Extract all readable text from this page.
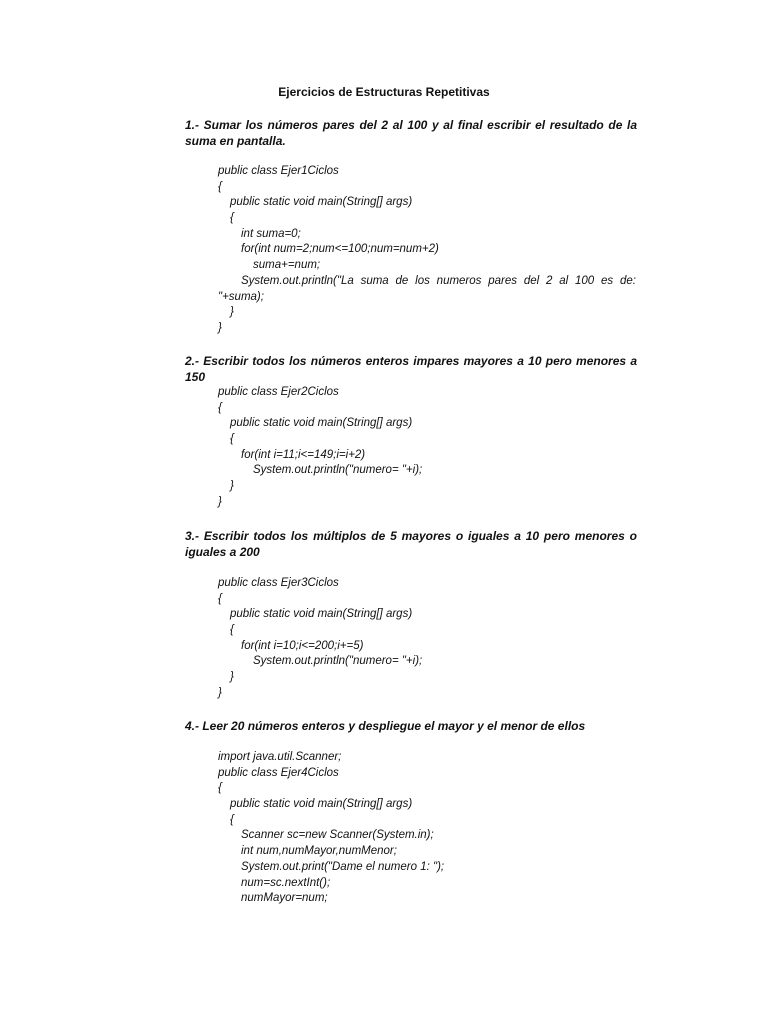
Ejercicios de Estructuras Repetitivas
1.- Sumar los números pares del 2 al 100 y al final escribir el resultado de la suma en pantalla.
public class Ejer1Ciclos
{
public static void main(String[] args)
{
int suma=0;
for(int num=2;num<=100;num=num+2)
suma+=num;
System.out.println("La suma de los numeros pares del 2 al 100 es de:
"+suma);
}
}
2.- Escribir todos los números enteros impares mayores a 10 pero menores a 150
public class Ejer2Ciclos
{
public static void main(String[] args)
{
for(int i=11;i<=149;i=i+2)
System.out.println("numero= "+i);
}
}
3.- Escribir todos los múltiplos de 5 mayores o iguales a 10 pero menores o iguales a 200
public class Ejer3Ciclos
{
public static void main(String[] args)
{
for(int i=10;i<=200;i+=5)
System.out.println("numero= "+i);
}
}
4.- Leer 20 números enteros y despliegue el mayor y el menor de ellos
import java.util.Scanner;
public class Ejer4Ciclos
{
public static void main(String[] args)
{
Scanner sc=new Scanner(System.in);
int num,numMayor,numMenor;
System.out.print("Dame el numero 1: ");
num=sc.nextInt();
numMayor=num;
